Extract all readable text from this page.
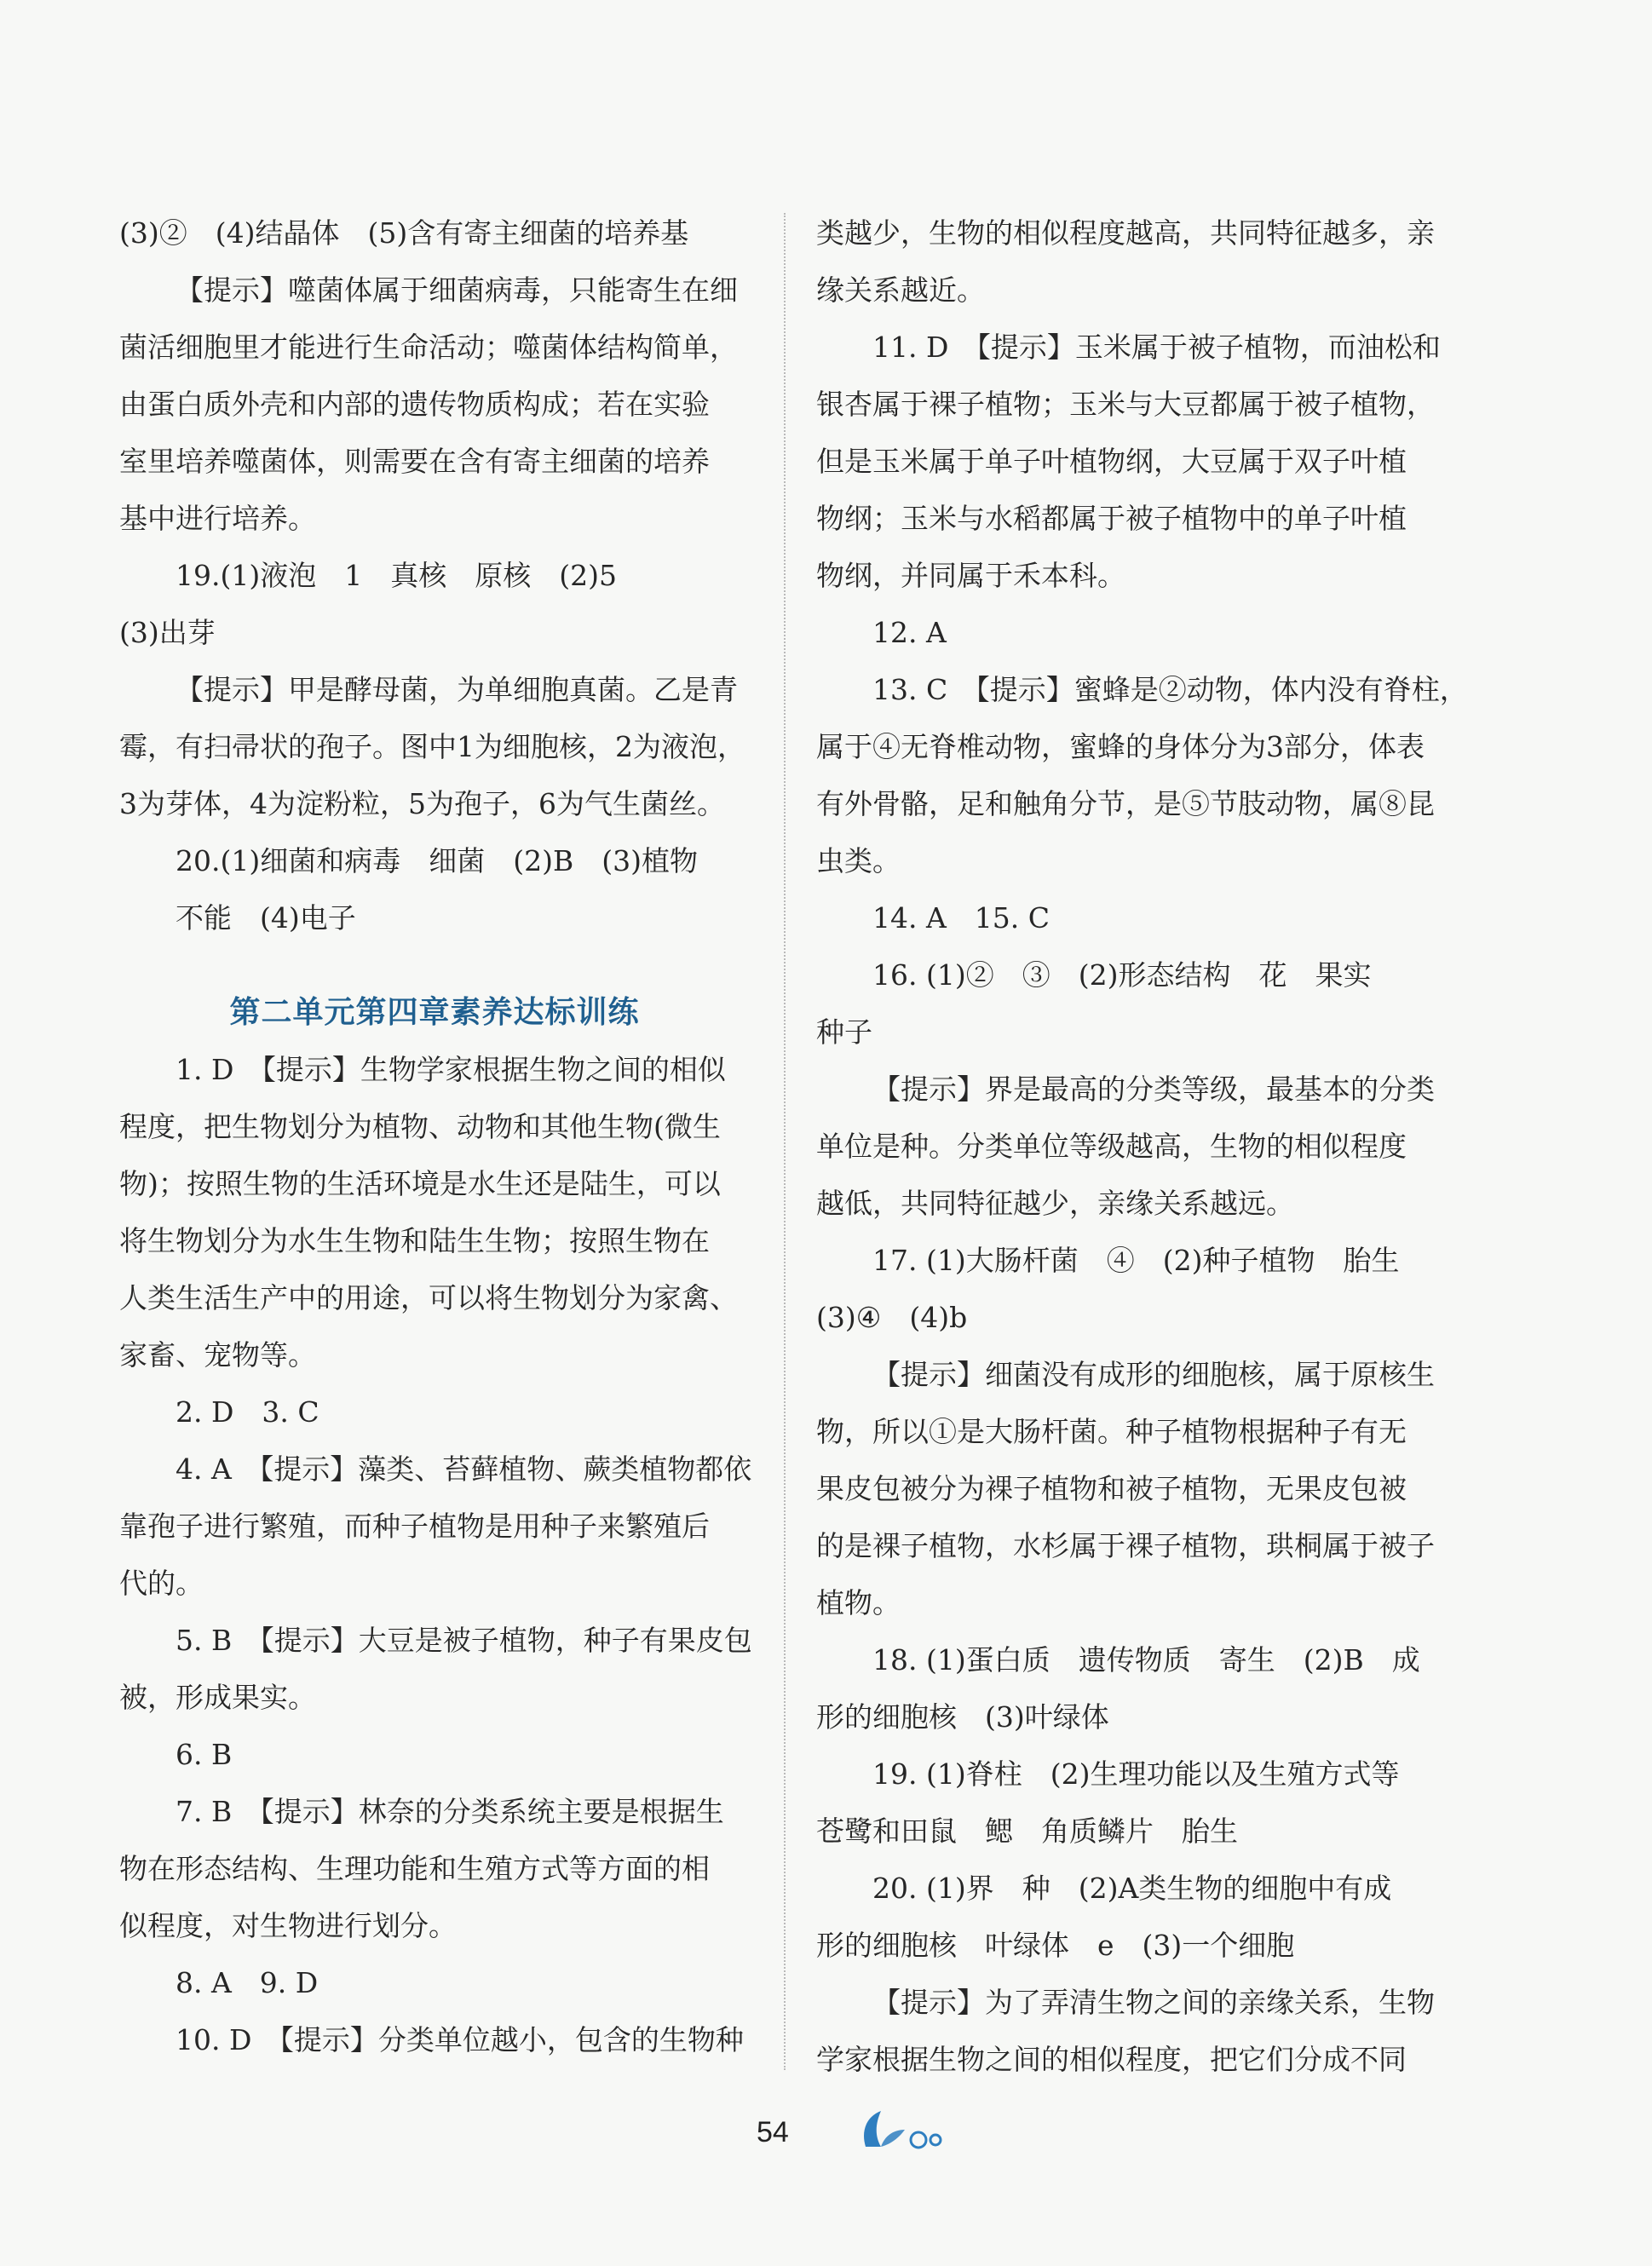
(3)②　(4)结晶体　(5)含有寄主细菌的培养基
【提示】噬菌体属于细菌病毒，只能寄生在细
菌活细胞里才能进行生命活动；噬菌体结构简单，
由蛋白质外壳和内部的遗传物质构成；若在实验
室里培养噬菌体，则需要在含有寄主细菌的培养
基中进行培养。
19.(1)液泡　1　真核　原核　(2)5
(3)出芽
【提示】甲是酵母菌，为单细胞真菌。乙是青
霉，有扫帚状的孢子。图中1为细胞核，2为液泡，
3为芽体，4为淀粉粒，5为孢子，6为气生菌丝。
20.(1)细菌和病毒　细菌　(2)B　(3)植物
不能　(4)电子
第二单元第四章素养达标训练
1. D　【提示】生物学家根据生物之间的相似
程度，把生物划分为植物、动物和其他生物(微生
物)；按照生物的生活环境是水生还是陆生，可以
将生物划分为水生生物和陆生生物；按照生物在
人类生活生产中的用途，可以将生物划分为家禽、
家畜、宠物等。
2. D　3. C
4. A　【提示】藻类、苔藓植物、蕨类植物都依
靠孢子进行繁殖，而种子植物是用种子来繁殖后
代的。
5. B　【提示】大豆是被子植物，种子有果皮包
被，形成果实。
6. B
7. B　【提示】林奈的分类系统主要是根据生
物在形态结构、生理功能和生殖方式等方面的相
似程度，对生物进行划分。
8. A　9. D
10. D　【提示】分类单位越小，包含的生物种
类越少，生物的相似程度越高，共同特征越多，亲
缘关系越近。
11. D　【提示】玉米属于被子植物，而油松和
银杏属于裸子植物；玉米与大豆都属于被子植物，
但是玉米属于单子叶植物纲，大豆属于双子叶植
物纲；玉米与水稻都属于被子植物中的单子叶植
物纲，并同属于禾本科。
12. A
13. C　【提示】蜜蜂是②动物，体内没有脊柱，
属于④无脊椎动物，蜜蜂的身体分为3部分，体表
有外骨骼，足和触角分节，是⑤节肢动物，属⑧昆
虫类。
14. A　15. C
16. (1)②　③　(2)形态结构　花　果实
种子
【提示】界是最高的分类等级，最基本的分类
单位是种。分类单位等级越高，生物的相似程度
越低，共同特征越少，亲缘关系越远。
17. (1)大肠杆菌　④　(2)种子植物　胎生
(3)④　(4)b
【提示】细菌没有成形的细胞核，属于原核生
物，所以①是大肠杆菌。种子植物根据种子有无
果皮包被分为裸子植物和被子植物，无果皮包被
的是裸子植物，水杉属于裸子植物，珙桐属于被子
植物。
18. (1)蛋白质　遗传物质　寄生　(2)B　成
形的细胞核　(3)叶绿体
19. (1)脊柱　(2)生理功能以及生殖方式等
苍鹭和田鼠　鳃　角质鳞片　胎生
20. (1)界　种　(2)A类生物的细胞中有成
形的细胞核　叶绿体　e　(3)一个细胞
【提示】为了弄清生物之间的亲缘关系，生物
学家根据生物之间的相似程度，把它们分成不同
54
